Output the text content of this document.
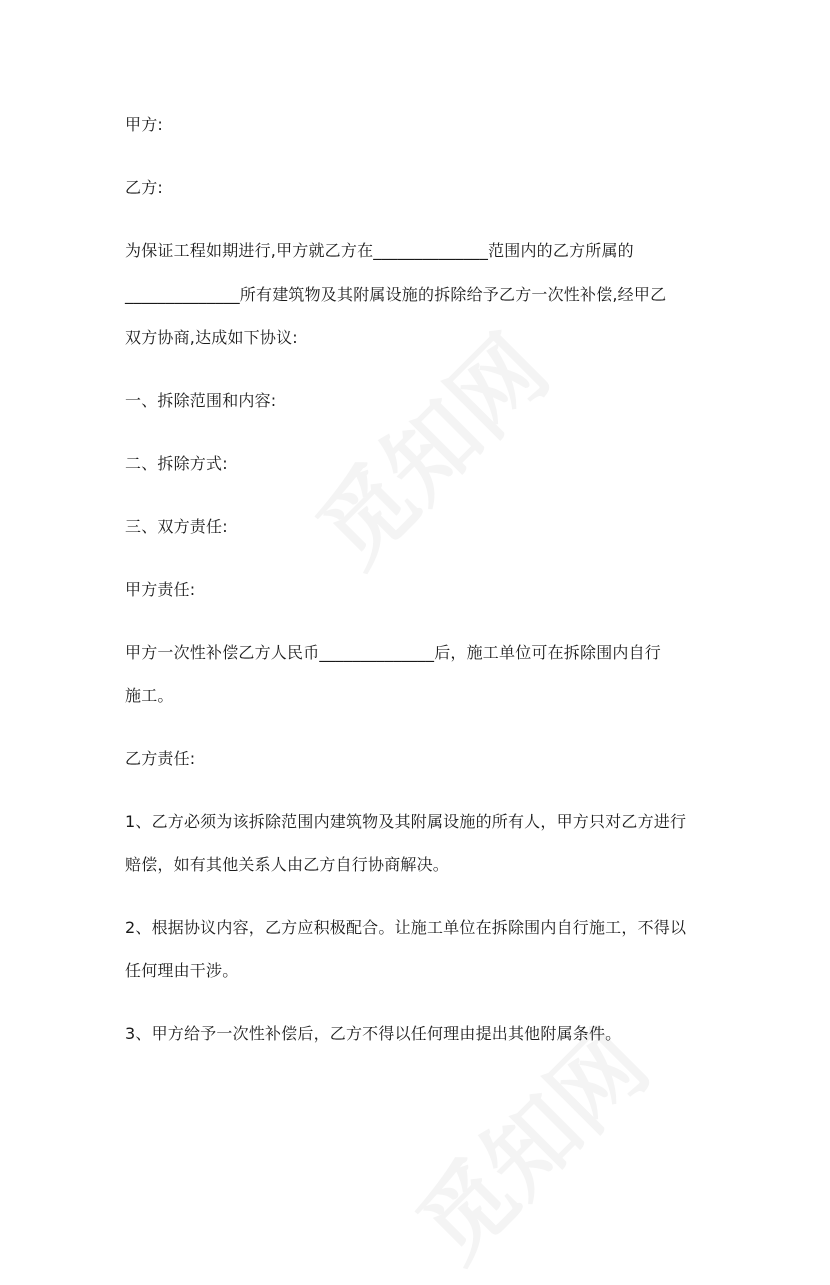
甲方:
乙方:
为保证工程如期进行,甲方就乙方在______________范围内的乙方所属的
______________所有建筑物及其附属设施的拆除给予乙方一次性补偿,经甲乙
双方协商,达成如下协议:
一、拆除范围和内容:
二、拆除方式:
三、双方责任:
甲方责任:
甲方一次性补偿乙方人民币______________后，施工单位可在拆除围内自行
施工。
乙方责任:
1、乙方必须为该拆除范围内建筑物及其附属设施的所有人，甲方只对乙方进行
赔偿，如有其他关系人由乙方自行协商解决。
2、根据协议内容，乙方应积极配合。让施工单位在拆除围内自行施工，不得以
任何理由干涉。
3、甲方给予一次性补偿后，乙方不得以任何理由提出其他附属条件。
